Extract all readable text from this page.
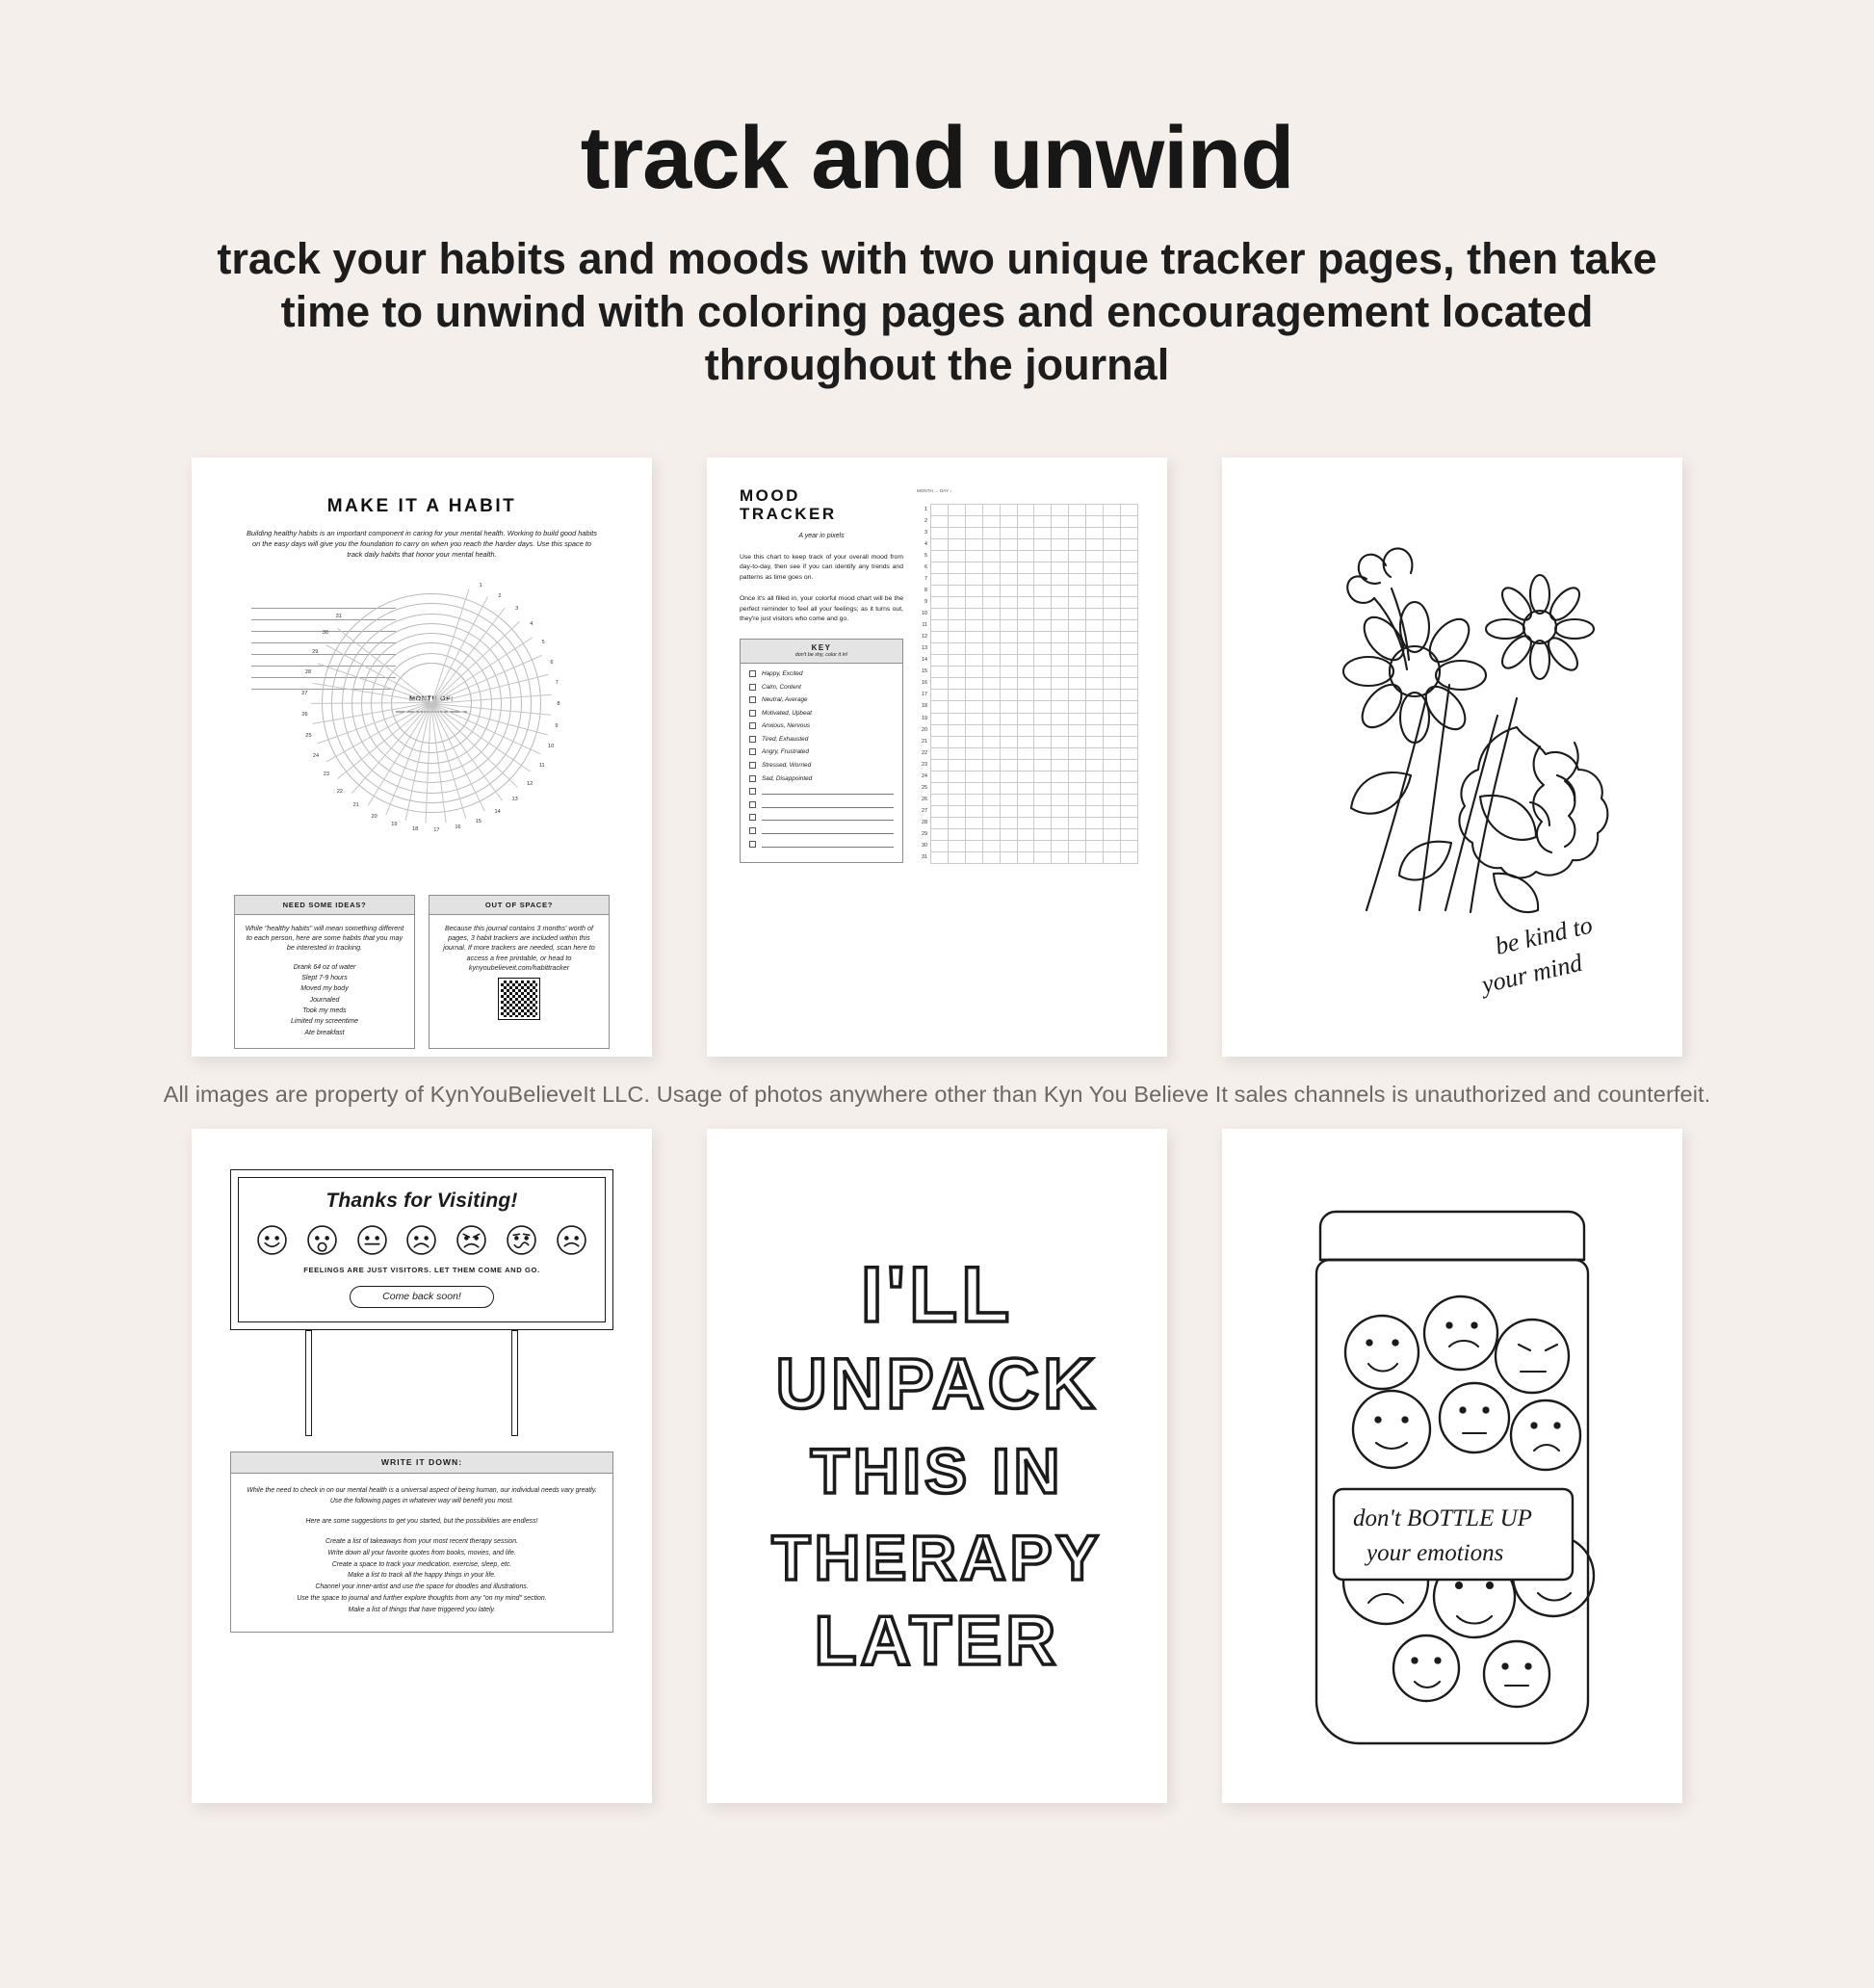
track and unwind

track your habits and moods with two unique tracker pages, then take time to unwind with coloring pages and encouragement located throughout the journal

MAKE IT A HABIT
Building healthy habits is an important component in caring for your mental health. Working to build good habits on the easy days will give you the foundation to carry on when you reach the harder days. Use this space to track daily habits that honor your mental health.
MONTH OF:
1
2
3
4
5
6
7
8
9
10
11
12
13
14
15
16
17
18
19
20
21
22
23
24
25
26
27
28
29
30
31
NEED SOME IDEAS?
While "healthy habits" will mean something different to each person, here are some habits that you may be interested in tracking.
Drank 64 oz of water
Slept 7-9 hours
Moved my body
Journaled
Took my meds
Limited my screentime
Ate breakfast
OUT OF SPACE?
Because this journal contains 3 months' worth of pages, 3 habit trackers are included within this journal. If more trackers are needed, scan here to access a free printable, or head to kynyoubelieveit.com/habittracker
MOOD TRACKER
A year in pixels

Use this chart to keep track of your overall mood from day-to-day, then see if you can identify any trends and patterns as time goes on.

Once it's all filled in, your colorful mood chart will be the perfect reminder to feel all your feelings; as it turns out, they're just visitors who come and go.

KEY
don't be shy, color it in!
Happy, Excited
Calm, Content
Neutral, Average
Motivated, Upbeat
Anxious, Nervous
Tired, Exhausted
Angry, Frustrated
Stressed, Worried
Sad, Disappointed
MONTH → DAY ↓
1
2
3
4
5
6
7
8
9
10
11
12
13
14
15
16
17
18
19
20
21
22
23
24
25
26
27
28
29
30
31
be kind to
your mind

All images are property of KynYouBelieveIt LLC. Usage of photos anywhere other than Kyn You Believe It sales channels is unauthorized and counterfeit.

Thanks for Visiting!
FEELINGS ARE JUST VISITORS. LET THEM COME AND GO.
Come back soon!
WRITE IT DOWN:

While the need to check in on our mental health is a universal aspect of being human, our individual needs vary greatly. Use the following pages in whatever way will benefit you most.

Here are some suggestions to get you started, but the possibilities are endless!

Create a list of takeaways from your most recent therapy session.
Write down all your favorite quotes from books, movies, and life.
Create a space to track your medication, exercise, sleep, etc.
Make a list to track all the happy things in your life.
Channel your inner-artist and use the space for doodles and illustrations.
Use the space to journal and further explore thoughts from any "on my mind" section.
Make a list of things that have triggered you lately.
I'LL
UNPACK
THIS IN
THERAPY
LATER
don't BOTTLE UP
your emotions
